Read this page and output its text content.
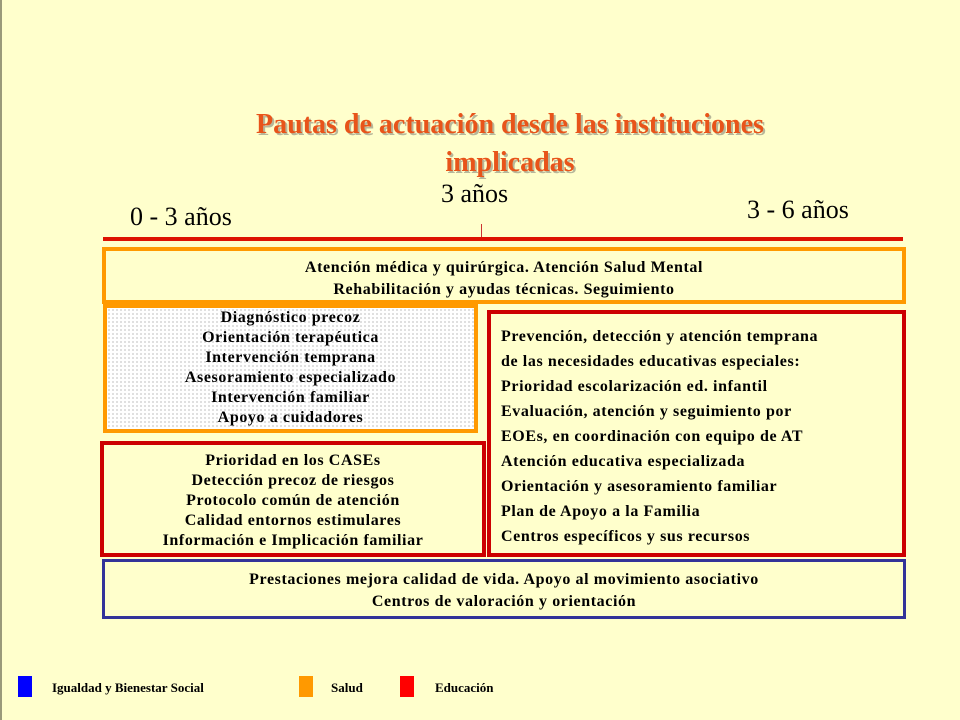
Pautas de actuación desde las instituciones
implicadas
0 - 3 años
3 años
3 - 6 años
Atención médica y quirúrgica. Atención Salud Mental
Rehabilitación y ayudas técnicas. Seguimiento
Diagnóstico precoz
Orientación terapéutica
Intervención temprana
Asesoramiento especializado
Intervención familiar
Apoyo a cuidadores
Prevención, detección y atención temprana
de las necesidades educativas especiales:
Prioridad escolarización ed. infantil
Evaluación, atención y seguimiento por
EOEs, en coordinación con equipo de AT
Atención educativa especializada
Orientación y asesoramiento familiar
Plan de Apoyo a la Familia
Centros específicos y sus recursos
Prioridad en los CASEs
Detección precoz de riesgos
Protocolo común de atención
Calidad entornos estimulares
Información e Implicación familiar
Prestaciones mejora calidad de vida. Apoyo al movimiento asociativo
Centros de valoración y orientación
Igualdad y Bienestar Social	Salud	Educación
